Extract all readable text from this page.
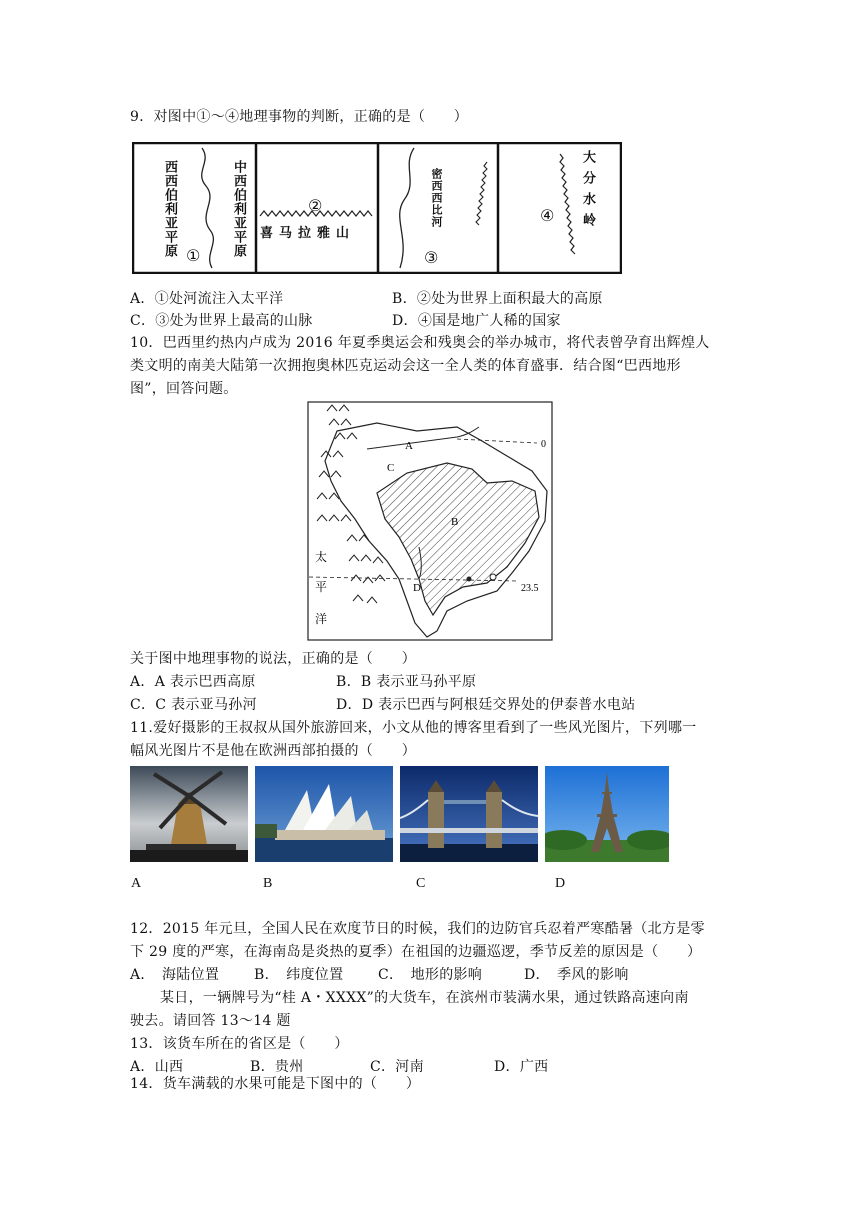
9．对图中①～④地理事物的判断，正确的是（　　）
西西伯利亚平原	中西伯利亚平原
①
②
喜马拉雅山
密西西比河
③
④ 大分水岭
A．①处河流注入太平洋	B．②处为世界上面积最大的高原
C．③处为世界上最高的山脉	D．④国是地广人稀的国家
10．巴西里约热内卢成为 2016 年夏季奥运会和残奥会的举办城市，将代表曾孕育出辉煌人
类文明的南美大陆第一次拥抱奥林匹克运动会这一全人类的体育盛事．结合图“巴西地形
图”，回答问题。
A
B
C
D
0
23.5
太
平
洋
关于图中地理事物的说法，正确的是（　　）
A．A 表示巴西高原	B．B 表示亚马孙平原
C．C 表示亚马孙河	D．D 表示巴西与阿根廷交界处的伊泰普水电站
11.爱好摄影的王叔叔从国外旅游回来，小文从他的博客里看到了一些风光图片，下列哪一
幅风光图片不是他在欧洲西部拍摄的（　　）
A	B	C	D
12．2015 年元旦，全国人民在欢度节日的时候，我们的边防官兵忍着严寒酷暑（北方是零
下 29 度的严寒，在海南岛是炎热的夏季）在祖国的边疆巡逻，季节反差的原因是（　　）
A．　海陆位置 B．　纬度位置 C．　地形的影响	D．　季风的影响
某日，一辆牌号为“桂 A・XXXX”的大货车，在滨州市装满水果，通过铁路高速向南
驶去。请回答 13～14 题
13．该货车所在的省区是（　　）
A．山西	B．贵州	C．河南	D．广西
14．货车满载的水果可能是下图中的（　　）
